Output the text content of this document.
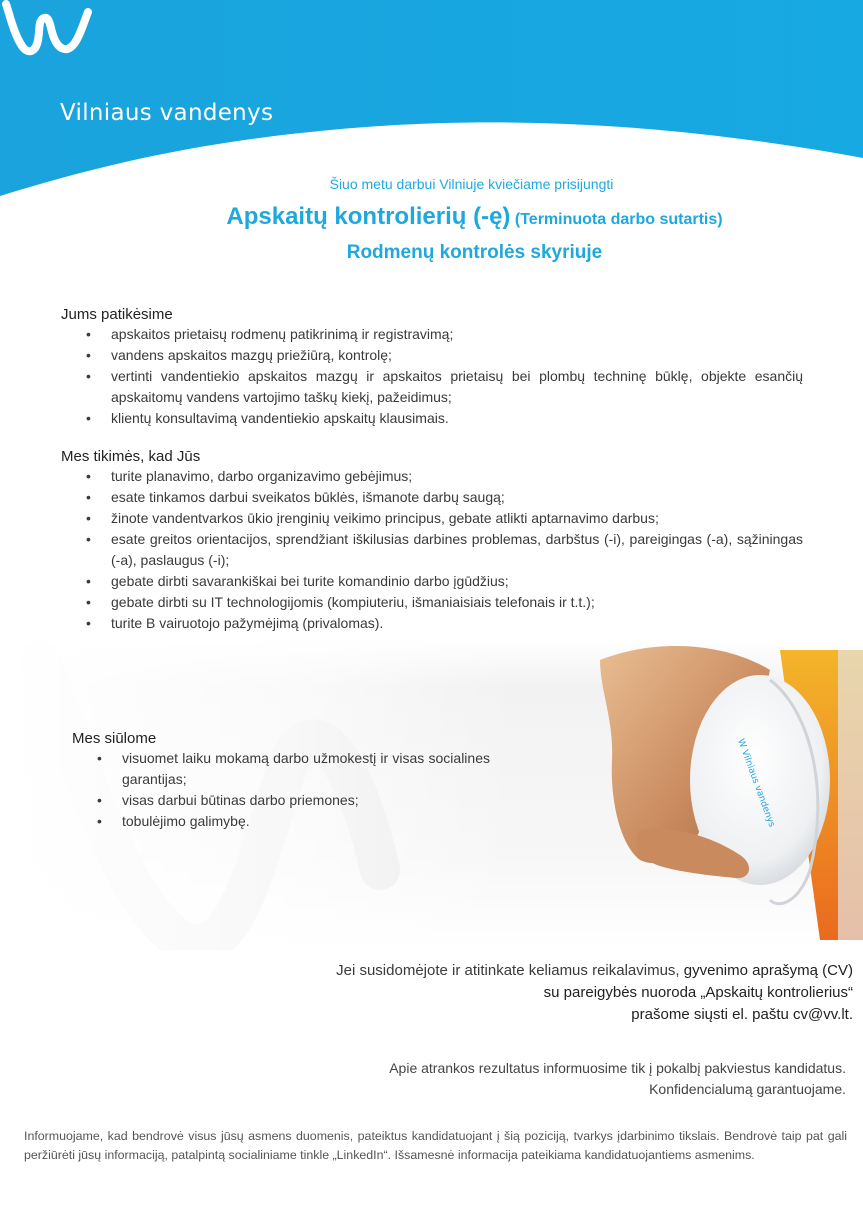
Vilniaus vandenys
Šiuo metu darbui Vilniuje kviečiame prisijungti
Apskaitų kontrolierių (-ę) (Terminuota darbo sutartis)
Rodmenų kontrolės skyriuje
Jums patikėsime
• apskaitos prietaisų rodmenų patikrinimą ir registravimą;
• vandens apskaitos mazgų priežiūrą, kontrolę;
• vertinti vandentiekio apskaitos mazgų ir apskaitos prietaisų bei plombų techninę būklę, objekte esančių apskaitomų vandens vartojimo taškų kiekį, pažeidimus;
• klientų konsultavimą vandentiekio apskaitų klausimais.
Mes tikimės, kad Jūs
• turite planavimo, darbo organizavimo gebėjimus;
• esate tinkamos darbui sveikatos būklės, išmanote darbų saugą;
• žinote vandentvarkos ūkio įrenginių veikimo principus, gebate atlikti aptarnavimo darbus;
• esate greitos orientacijos, sprendžiant iškilusias darbines problemas, darbštus (-i), pareigingas (-a), sąžiningas (-a), paslaugus (-i);
• gebate dirbti savarankiškai bei turite komandinio darbo įgūdžius;
• gebate dirbti su IT technologijomis (kompiuteriu, išmaniaisiais telefonais ir t.t.);
• turite B vairuotojo pažymėjimą (privalomas).
Mes siūlome
• visuomet laiku mokamą darbo užmokestį ir visas socialines garantijas;
• visas darbui būtinas darbo priemones;
• tobulėjimo galimybę.
Jei susidomėjote ir atitinkate keliamus reikalavimus, gyvenimo aprašymą (CV)
su pareigybės nuoroda „Apskaitų kontrolierius“
prašome siųsti el. paštu cv@vv.lt.
Apie atrankos rezultatus informuosime tik į pokalbį pakviestus kandidatus.
Konfidencialumą garantuojame.
Informuojame, kad bendrovė visus jūsų asmens duomenis, pateiktus kandidatuojant į šią poziciją, tvarkys įdarbinimo tikslais. Bendrovė taip pat gali peržiūrėti jūsų informaciją, patalpintą socialiniame tinkle „LinkedIn“. Išsamesnė informacija pateikiama kandidatuojantiems asmenims.
